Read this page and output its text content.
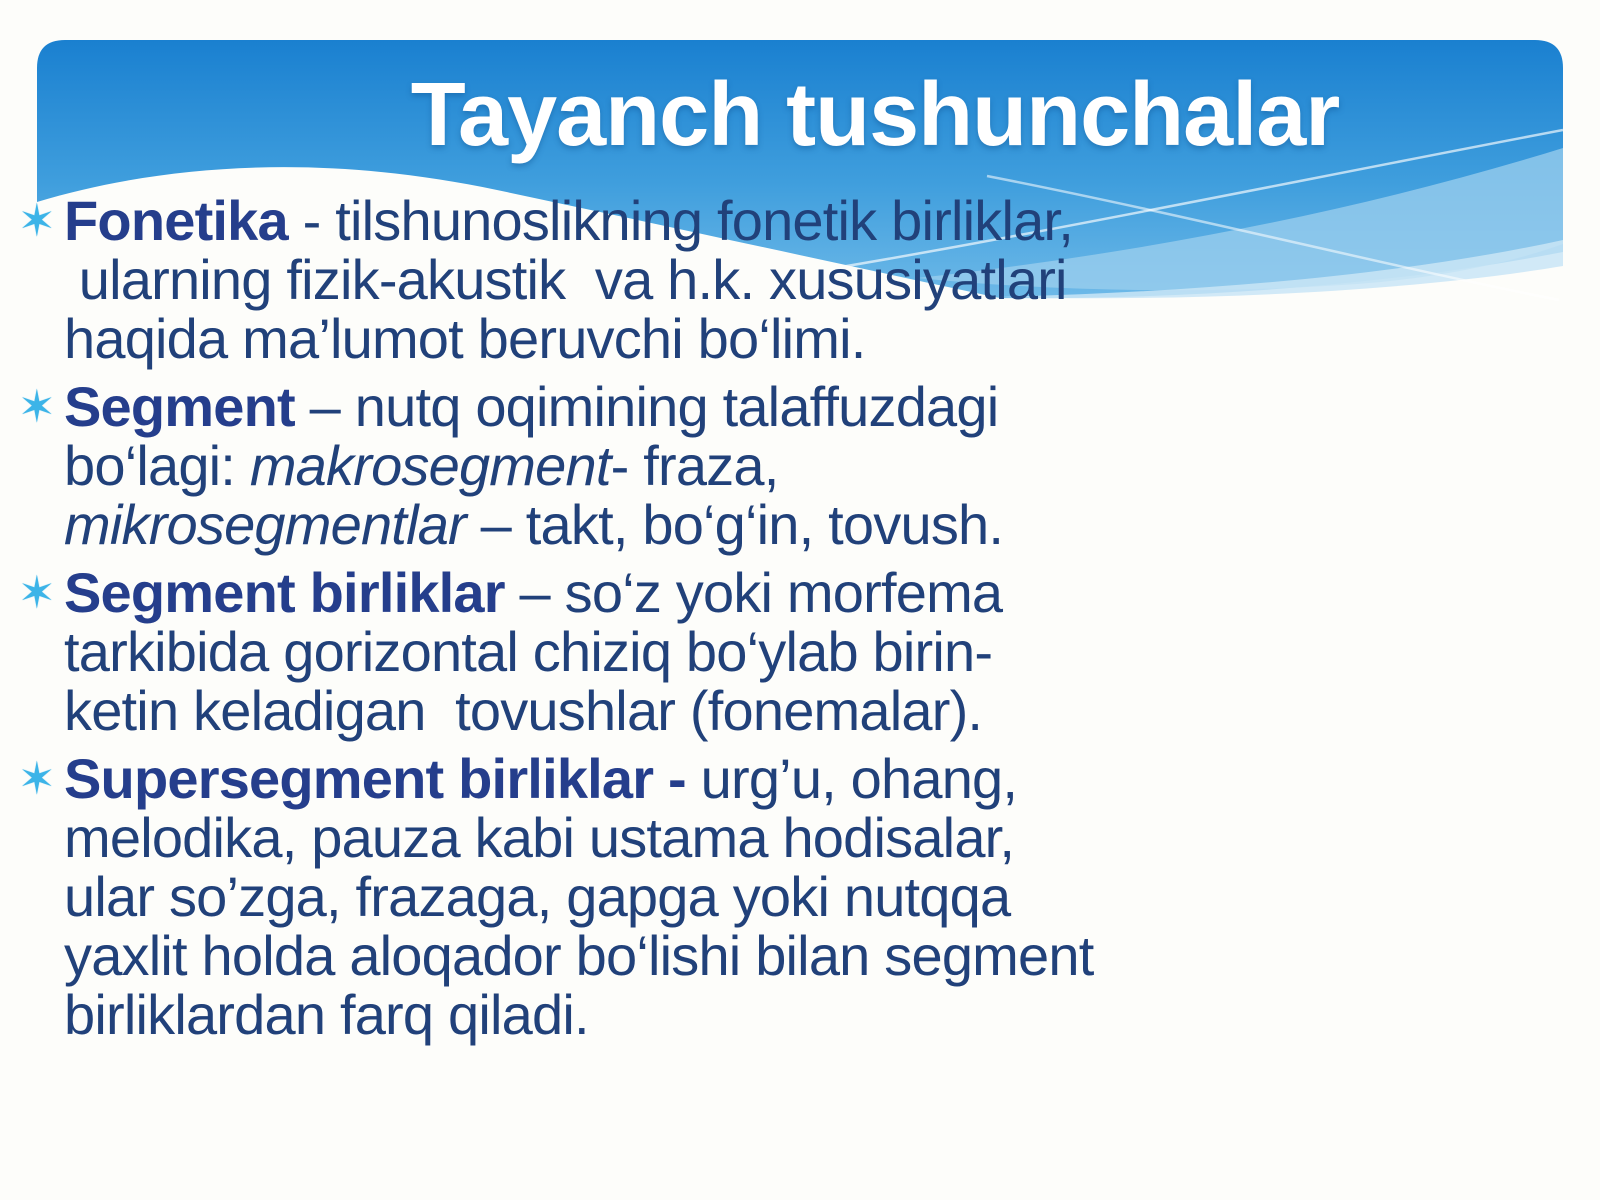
Tayanch tushunchalar
✶ Fonetika - tilshunoslikning fonetik birliklar,
ularning fizik-akustik  va h.k. xususiyatlari
haqida ma’lumot beruvchi bo‘limi.
✶ Segment – nutq oqimining talaffuzdagi
bo‘lagi: makrosegment- fraza,
mikrosegmentlar – takt, bo‘g‘in, tovush.
✶ Segment birliklar – so‘z yoki morfema
tarkibida gorizontal chiziq bo‘ylab birin-
ketin keladigan  tovushlar (fonemalar).
✶ Supersegment birliklar - urg’u, ohang,
melodika, pauza kabi ustama hodisalar,
ular so’zga, frazaga, gapga yoki nutqqa
yaxlit holda aloqador bo‘lishi bilan segment
birliklardan farq qiladi.
